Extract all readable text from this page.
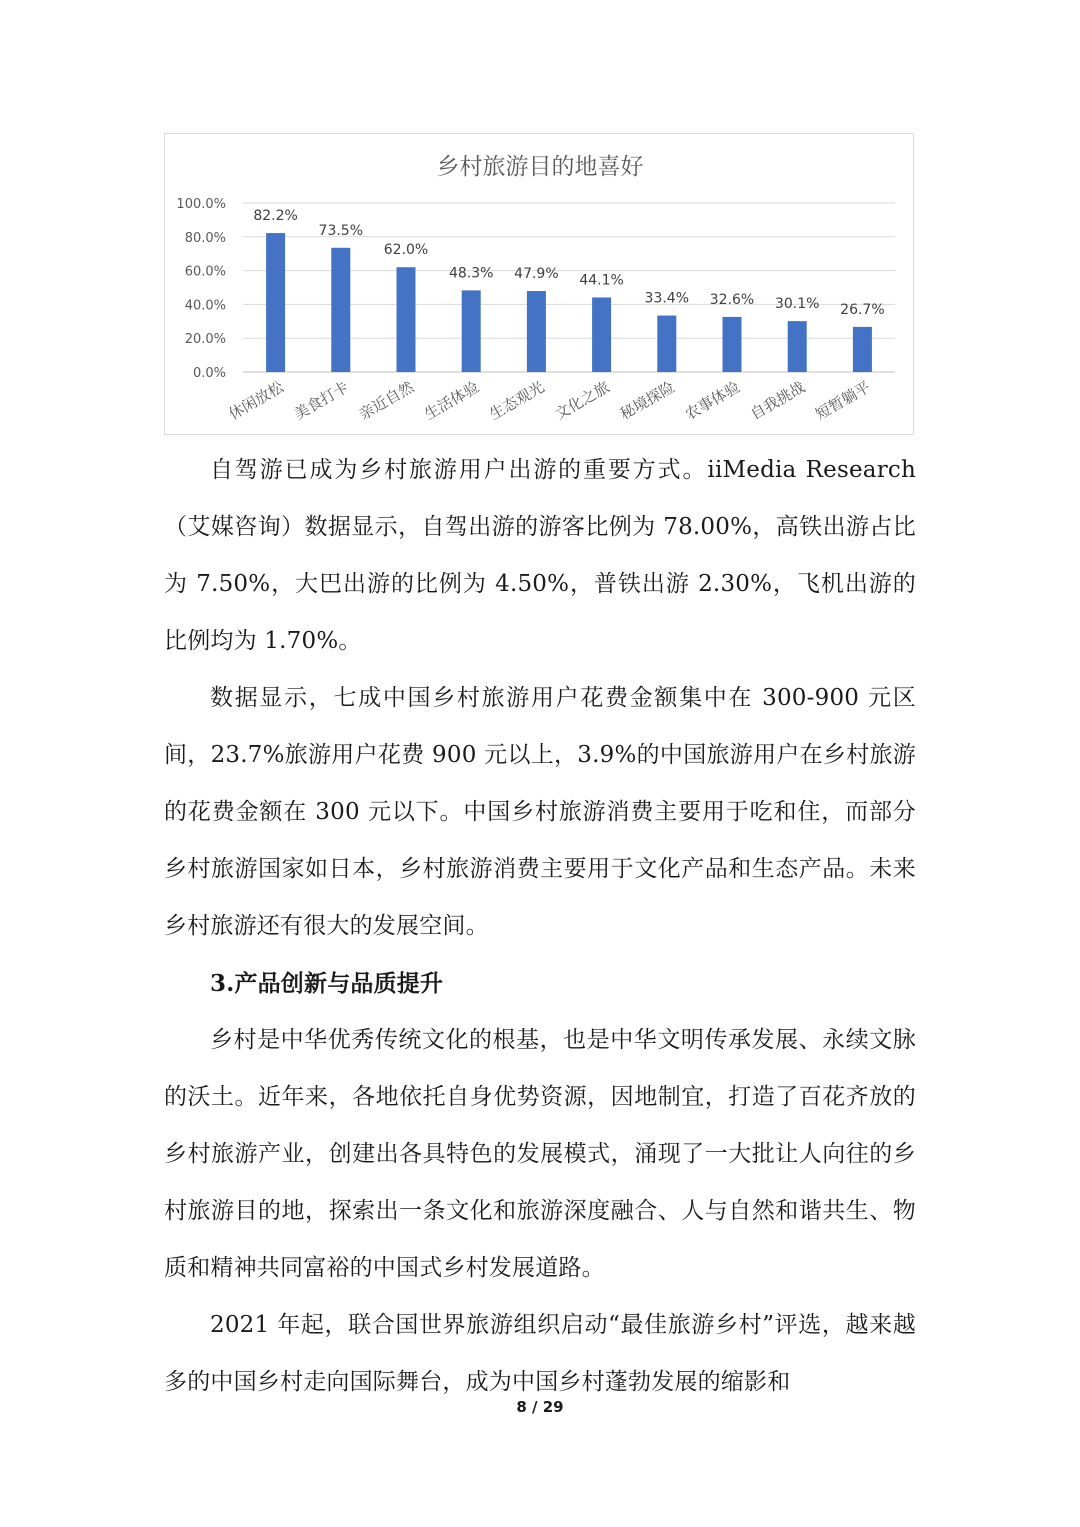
乡村旅游目的地喜好
0.0%
20.0%
40.0%
60.0%
80.0%
100.0%
82.2%
休闲放松
73.5%
美食打卡
62.0%
亲近自然
48.3%
生活体验
47.9%
生态观光
44.1%
文化之旅
33.4%
秘境探险
32.6%
农事体验
30.1%
自我挑战
26.7%
短暂躺平

自驾游已成为乡村旅游用户出游的重要方式。iiMedia Research（艾媒咨询）数据显示，自驾出游的游客比例为 78.00%，高铁出游占比为 7.50%，大巴出游的比例为 4.50%，普铁出游 2.30%，飞机出游的比例均为 1.70%。

数据显示，七成中国乡村旅游用户花费金额集中在 300-900 元区间，23.7%旅游用户花费 900 元以上，3.9%的中国旅游用户在乡村旅游的花费金额在 300 元以下。中国乡村旅游消费主要用于吃和住，而部分乡村旅游国家如日本，乡村旅游消费主要用于文化产品和生态产品。未来乡村旅游还有很大的发展空间。

3.产品创新与品质提升

乡村是中华优秀传统文化的根基，也是中华文明传承发展、永续文脉的沃土。近年来，各地依托自身优势资源，因地制宜，打造了百花齐放的乡村旅游产业，创建出各具特色的发展模式，涌现了一大批让人向往的乡村旅游目的地，探索出一条文化和旅游深度融合、人与自然和谐共生、物质和精神共同富裕的中国式乡村发展道路。

2021 年起，联合国世界旅游组织启动“最佳旅游乡村”评选，越来越多的中国乡村走向国际舞台，成为中国乡村蓬勃发展的缩影和

8 / 29
